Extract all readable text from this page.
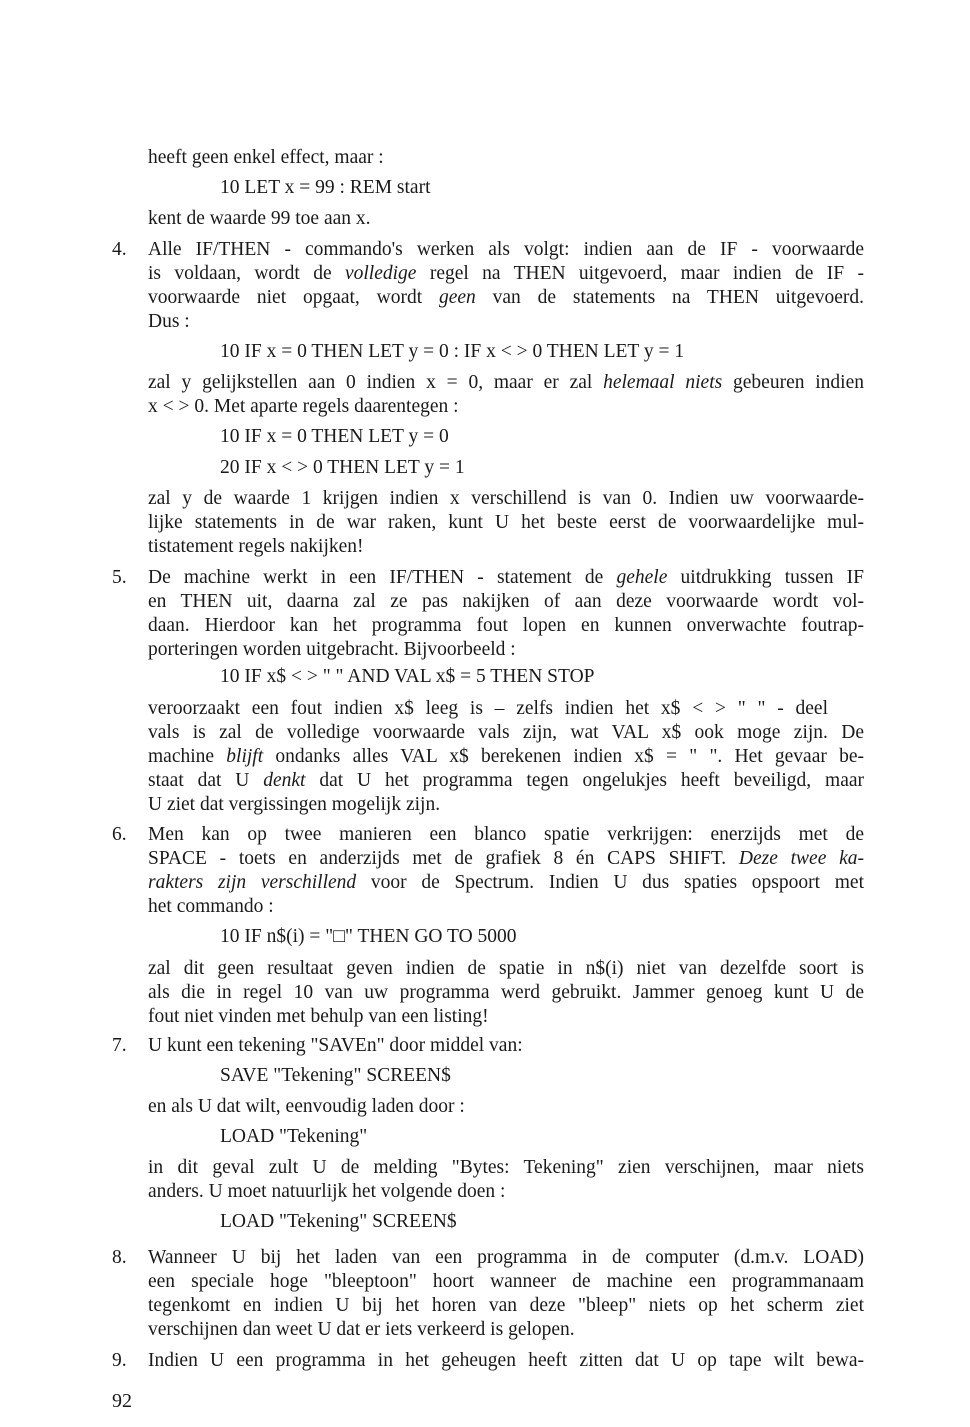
heeft geen enkel effect, maar :
10 LET x = 99 : REM start
kent de waarde 99 toe aan x.
4. Alle IF/THEN - commando's werken als volgt: indien aan de IF - voorwaarde
is voldaan, wordt de volledige regel na THEN uitgevoerd, maar indien de IF -
voorwaarde niet opgaat, wordt geen van de statements na THEN uitgevoerd.
Dus :
10 IF x = 0 THEN LET y = 0 : IF x < > 0 THEN LET y = 1
zal y gelijkstellen aan 0 indien x = 0, maar er zal helemaal niets gebeuren indien
x < > 0. Met aparte regels daarentegen :
10 IF x = 0 THEN LET y = 0
20 IF x < > 0 THEN LET y = 1
zal y de waarde 1 krijgen indien x verschillend is van 0. Indien uw voorwaarde-
lijke statements in de war raken, kunt U het beste eerst de voorwaardelijke mul-
tistatement regels nakijken!
5. De machine werkt in een IF/THEN - statement de gehele uitdrukking tussen IF
en THEN uit, daarna zal ze pas nakijken of aan deze voorwaarde wordt vol-
daan. Hierdoor kan het programma fout lopen en kunnen onverwachte foutrap-
porteringen worden uitgebracht. Bijvoorbeeld :
10 IF x$ < > " " AND VAL x$ = 5 THEN STOP
veroorzaakt een fout indien x$ leeg is – zelfs indien het x$ < > " " - deel
vals is zal de volledige voorwaarde vals zijn, wat VAL x$ ook moge zijn. De
machine blijft ondanks alles VAL x$ berekenen indien x$ = " ". Het gevaar be-
staat dat U denkt dat U het programma tegen ongelukjes heeft beveiligd, maar
U ziet dat vergissingen mogelijk zijn.
6. Men kan op twee manieren een blanco spatie verkrijgen: enerzijds met de
SPACE - toets en anderzijds met de grafiek 8 én CAPS SHIFT. Deze twee ka-
rakters zijn verschillend voor de Spectrum. Indien U dus spaties opspoort met
het commando :
10 IF n$(i) = "□" THEN GO TO 5000
zal dit geen resultaat geven indien de spatie in n$(i) niet van dezelfde soort is
als die in regel 10 van uw programma werd gebruikt. Jammer genoeg kunt U de
fout niet vinden met behulp van een listing!
7. U kunt een tekening "SAVEn" door middel van:
SAVE "Tekening" SCREEN$
en als U dat wilt, eenvoudig laden door :
LOAD "Tekening"
in dit geval zult U de melding "Bytes: Tekening" zien verschijnen, maar niets
anders. U moet natuurlijk het volgende doen :
LOAD "Tekening" SCREEN$
8. Wanneer U bij het laden van een programma in de computer (d.m.v. LOAD)
een speciale hoge "bleeptoon" hoort wanneer de machine een programmanaam
tegenkomt en indien U bij het horen van deze "bleep" niets op het scherm ziet
verschijnen dan weet U dat er iets verkeerd is gelopen.
9. Indien U een programma in het geheugen heeft zitten dat U op tape wilt bewa-
92
